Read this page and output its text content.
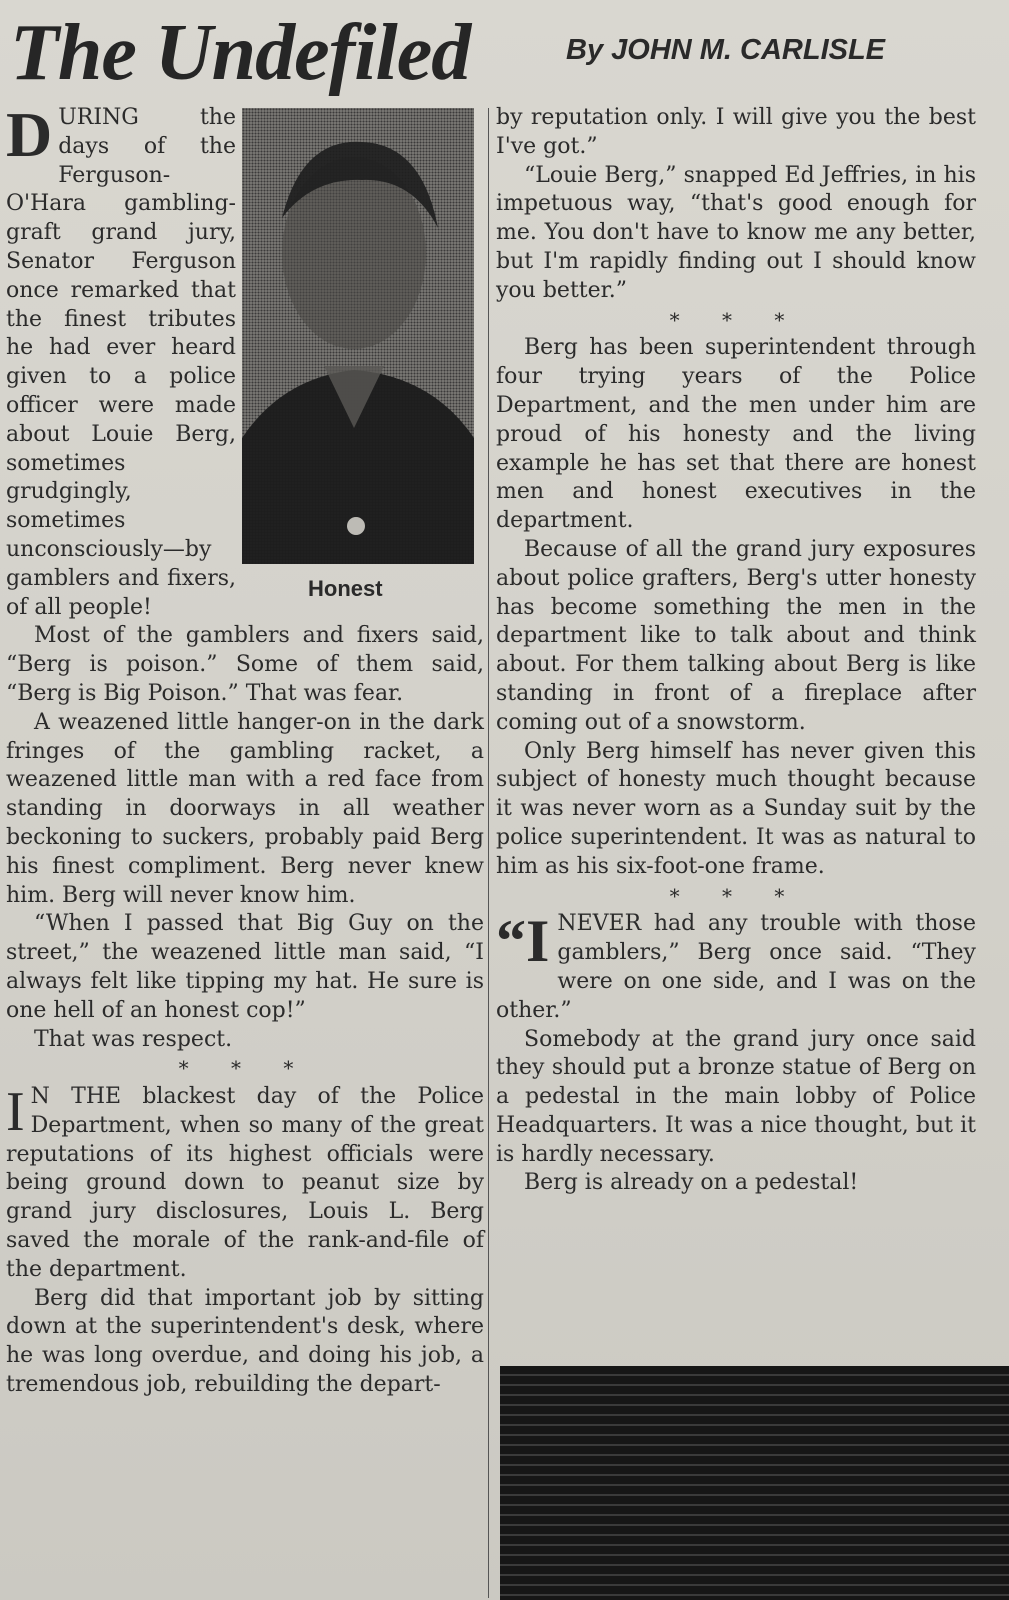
The Undefiled	By JOHN M. CARLISLE

D
Honest
URING the days of the Ferguson-O'Hara gambling-graft grand jury, Senator Ferguson once remarked that the finest tributes he had ever heard given to a police officer were made about Louie Berg, sometimes grudgingly, sometimes unconsciously—by gamblers and fixers, of all people!

Most of the gamblers and fixers said, “Berg is poison.” Some of them said, “Berg is Big Poison.” That was fear.

A weazened little hanger-on in the dark fringes of the gambling racket, a weazened little man with a red face from standing in doorways in all weather beckoning to suckers, probably paid Berg his finest compliment. Berg never knew him. Berg will never know him.

“When I passed that Big Guy on the street,” the weazened little man said, “I always felt like tipping my hat. He sure is one hell of an honest cop!”

That was respect.

* * *

I N THE blackest day of the Police Department, when so many of the great reputations of its highest officials were being ground down to peanut size by grand jury disclosures, Louis L. Berg saved the morale of the rank-and-file of the department.

Berg did that important job by sitting down at the superintendent's desk, where he was long overdue, and doing his job, a tremendous job, rebuilding the depart-

by reputation only. I will give you the best I've got.”

“Louie Berg,” snapped Ed Jeffries, in his impetuous way, “that's good enough for me. You don't have to know me any better, but I'm rapidly finding out I should know you better.”

* * *

Berg has been superintendent through four trying years of the Police Department, and the men under him are proud of his honesty and the living example he has set that there are honest men and honest executives in the department.

Because of all the grand jury exposures about police grafters, Berg's utter honesty has become something the men in the department like to talk about and think about. For them talking about Berg is like standing in front of a fireplace after coming out of a snowstorm.

Only Berg himself has never given this subject of honesty much thought because it was never worn as a Sunday suit by the police superintendent. It was as natural to him as his six-foot-one frame.

* * *

“INEVER had any trouble with those gamblers,” Berg once said. “They were on one side, and I was on the other.”

Somebody at the grand jury once said they should put a bronze statue of Berg on a pedestal in the main lobby of Police Headquarters. It was a nice thought, but it is hardly necessary.

Berg is already on a pedestal!
